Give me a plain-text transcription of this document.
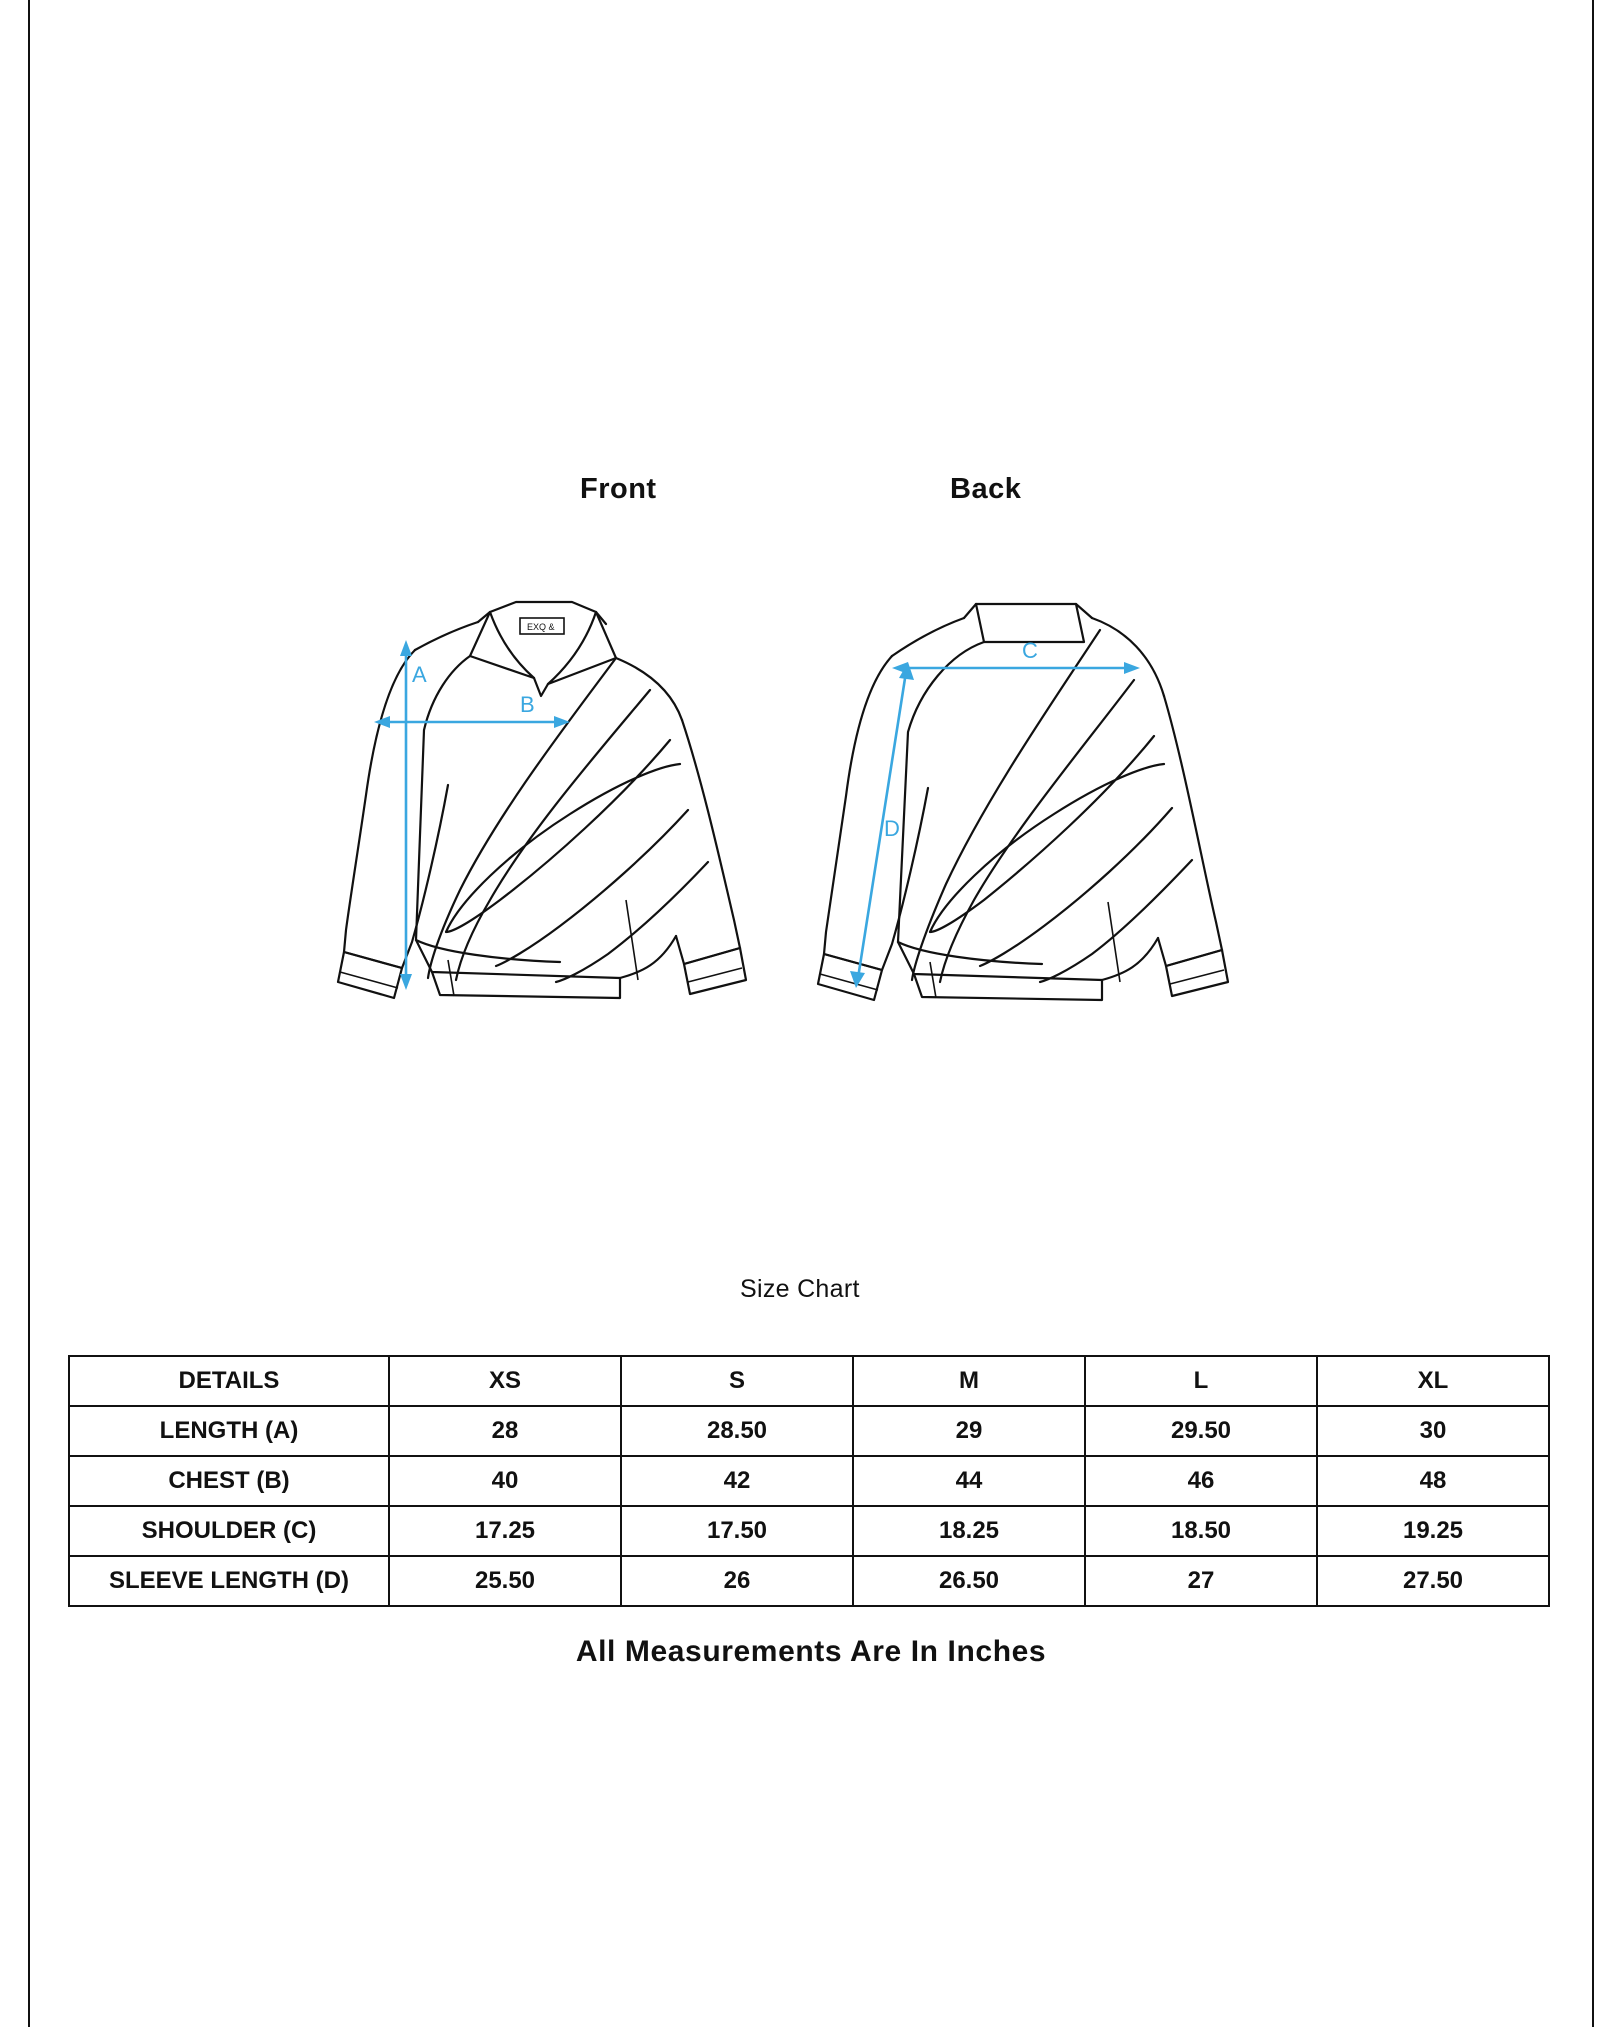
Front	Back
EXQ &
A
B
C
D
Size Chart
DETAILS	XS	S	M	L	XL
LENGTH (A)	28	28.50	29	29.50	30
CHEST (B)	40	42	44	46	48
SHOULDER (C)	17.25	17.50	18.25	18.50	19.25
SLEEVE LENGTH (D)	25.50	26	26.50	27	27.50
All Measurements Are In Inches
